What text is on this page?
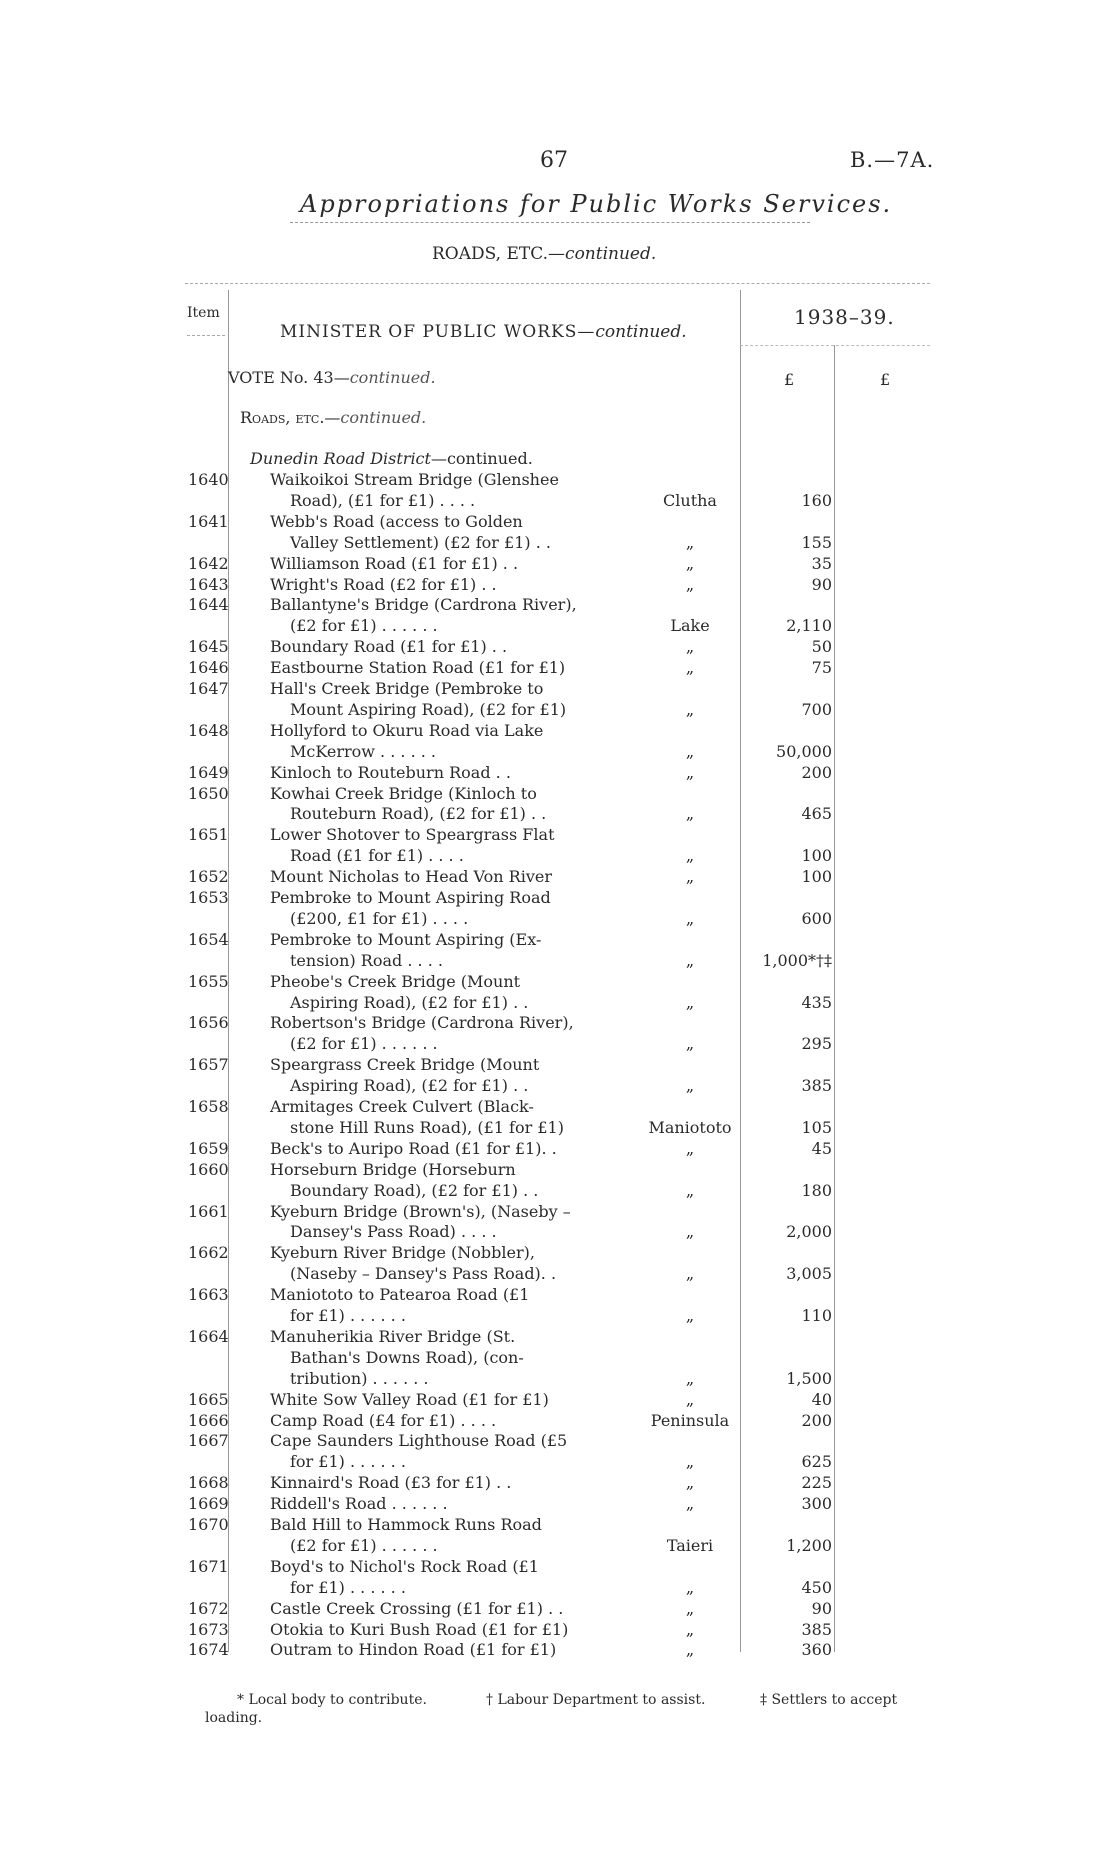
67	B.—7A.
Appropriations for Public Works Services.
ROADS, ETC.—continued.
Item
MINISTER OF PUBLIC WORKS—continued.
1938–39.
VOTE No. 43—continued.	£	£
Roads, etc.—continued.
Dunedin Road District—continued.
1640	Waikoikoi Stream Bridge (Glenshee
Road), (£1 for £1) . . . .	Clutha	160
1641	Webb's Road (access to Golden
Valley Settlement) (£2 for £1) . .	„	155
1642	Williamson Road (£1 for £1) . .	„	35
1643	Wright's Road (£2 for £1) . .	„	90
1644	Ballantyne's Bridge (Cardrona River),
(£2 for £1) . . . . . .	Lake	2,110
1645	Boundary Road (£1 for £1) . .	„	50
1646	Eastbourne Station Road (£1 for £1)	„	75
1647	Hall's Creek Bridge (Pembroke to
Mount Aspiring Road), (£2 for £1)	„	700
1648	Hollyford to Okuru Road via Lake
McKerrow . . . . . .	„	50,000
1649	Kinloch to Routeburn Road . .	„	200
1650	Kowhai Creek Bridge (Kinloch to
Routeburn Road), (£2 for £1) . .	„	465
1651	Lower Shotover to Speargrass Flat
Road (£1 for £1) . . . .	„	100
1652	Mount Nicholas to Head Von River	„	100
1653	Pembroke to Mount Aspiring Road
(£200, £1 for £1) . . . .	„	600
1654	Pembroke to Mount Aspiring (Ex-
tension) Road . . . .	„	1,000*†‡
1655	Pheobe's Creek Bridge (Mount
Aspiring Road), (£2 for £1) . .	„	435
1656	Robertson's Bridge (Cardrona River),
(£2 for £1) . . . . . .	„	295
1657	Speargrass Creek Bridge (Mount
Aspiring Road), (£2 for £1) . .	„	385
1658	Armitages Creek Culvert (Black-
stone Hill Runs Road), (£1 for £1)	Maniototo	105
1659	Beck's to Auripo Road (£1 for £1). .	„	45
1660	Horseburn Bridge (Horseburn
Boundary Road), (£2 for £1) . .	„	180
1661	Kyeburn Bridge (Brown's), (Naseby –
Dansey's Pass Road) . . . .	„	2,000
1662	Kyeburn River Bridge (Nobbler),
(Naseby – Dansey's Pass Road). .	„	3,005
1663	Maniototo to Patearoa Road (£1
for £1) . . . . . .	„	110
1664	Manuherikia River Bridge (St.
Bathan's Downs Road), (con-
tribution) . . . . . .	„	1,500
1665	White Sow Valley Road (£1 for £1)	„	40
1666	Camp Road (£4 for £1) . . . .	Peninsula	200
1667	Cape Saunders Lighthouse Road (£5
for £1) . . . . . .	„	625
1668	Kinnaird's Road (£3 for £1) . .	„	225
1669	Riddell's Road . . . . . .	„	300
1670	Bald Hill to Hammock Runs Road
(£2 for £1) . . . . . .	Taieri	1,200
1671	Boyd's to Nichol's Rock Road (£1
for £1) . . . . . .	„	450
1672	Castle Creek Crossing (£1 for £1) . .	„	90
1673	Otokia to Kuri Bush Road (£1 for £1)	„	385
1674	Outram to Hindon Road (£1 for £1)	„	360
* Local body to contribute.	† Labour Department to assist.	‡ Settlers to accept
loading.
